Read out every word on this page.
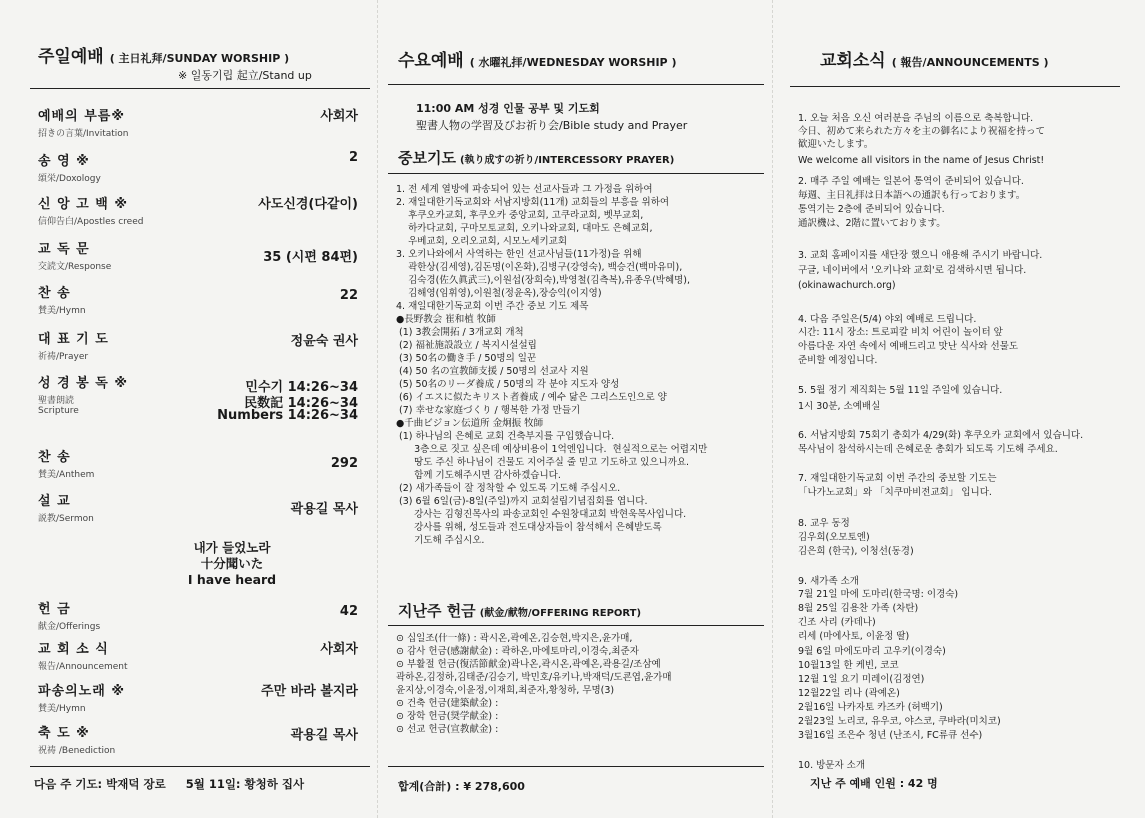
주일예배 ( 主日礼拜/SUNDAY WORSHIP )
※ 일동기립 起立/Stand up
예배의 부름※
招きの言葉/Invitation
사회자
송 영 ※
頌栄/Doxology
2
신 앙 고 백 ※
信仰告白/Apostles creed
사도신경(다같이)
교 독 문
交読文/Response
35 (시편 84편)
찬 송
賛美/Hymn
22
대 표 기 도
祈祷/Prayer
정윤숙 권사
성 경 봉 독 ※
聖書朗読
Scripture
민수기 14:26~34
民数記 14:26~34
Numbers 14:26~34
찬 송
賛美/Anthem
292
설 교
説教/Sermon
곽용길 목사
내가 들었노라
十分聞いた
I have heard
헌 금
献金/Offerings
42
교 회 소 식
報告/Announcement
사회자
파송의노래 ※
賛美/Hymn
주만 바라 볼지라
축 도 ※
祝祷 /Benediction
곽용길 목사
다음 주 기도: 박재덕 장로 5월 11일: 황청하 집사
수요예배 ( 水曜礼拝/WEDNESDAY WORSHIP )
11:00 AM 성경 인물 공부 및 기도회
聖書人物の学習及びお祈り会/Bible study and Prayer
중보기도 (執り成すの祈り/INTERCESSORY PRAYER)
1. 전 세계 열방에 파송되어 있는 선교사들과 그 가정을 위하여
2. 재일대한기독교회와 서남지방회(11개) 교회들의 부흥을 위하여
후쿠오카교회, 후쿠오카 중앙교회, 고쿠라교회, 벳부교회,
하카다교회, 구마모토교회, 오키나와교회, 대마도 은혜교회,
우베교회, 오리오교회, 시모노세키교회
3. 오키나와에서 사역하는 한인 선교사님들(11가정)을 위해
곽한상(김세영),김돈명(이온화),김병구(강영숙), 백승건(백마유미),
김숙경(佐久眞武三),이원섭(장희숙),박영철(김측복),유종우(박혜명),
김해영(임휘영),이원철(정윤옥),장승익(이지영)
4. 재일대한기독교회 이번 주간 중보 기도 제목
●長野教会 崔和植 牧師
(1) 3教会開拓 / 3개교회 개척
(2) 福祉施設設立 / 복지시설설립
(3) 50名の働き手 / 50명의 일꾼
(4) 50 名の宣教師支援 / 50명의 선교사 지원
(5) 50名のリーダ養成 / 50명의 각 분야 지도자 양성
(6) イエスに似たキリスト者養成 / 예수 닮은 그리스도인으로 양
(7) 幸せな家庭づくり / 행복한 가정 만들기
●千曲ビジョン伝道所 金炯振 牧師
(1) 하나님의 은혜로 교회 건축부지를 구입했습니다.
3층으로 짓고 싶은데 예상비용이 1억엔입니다.  현실적으로는 어렵지만
땅도 주신 하나님이 건물도 지어주실 줄 믿고 기도하고 있으니까요.
함께 기도해주시면 감사하겠습니다.
(2) 새가족들이 잘 정착할 수 있도록 기도해 주십시오.
(3) 6월 6일(금)-8일(주일)까지 교회설립기념집회를 엽니다.
강사는 김형진목사의 파송교회인 수원창대교회 박현욱목사입니다.
강사를 위해, 성도들과 전도대상자들이 참석해서 은혜받도록
기도해 주십시오.
지난주 헌금 (献金/献物/OFFERING REPORT)
⊙ 십일조(什一條) : 곽시온,곽예온,김승현,박지은,윤가매,
⊙ 감사 헌금(感謝献金) : 곽하온,마에토마리,이경숙,최준자
⊙ 부활절 헌금(復活節献金)곽나온,곽시온,곽예온,곽용길/조삼예
곽하온,김정하,김태준/김승기, 박민호/유키나,박재덕/도쿈엽,윤가매
윤지상,이경숙,이윤정,이재희,최준자,황청하, 무명(3)
⊙ 건축 헌금(建築献金) :
⊙ 장학 헌금(奨学献金) :
⊙ 선교 헌금(宣教献金) :
합계(合計) : ¥ 278,600
교회소식 ( 報告/ANNOUNCEMENTS )
1. 오늘 처음 오신 여러분을 주님의 이름으로 축복합니다.
今日、初めて来られた方々を主の御名により祝福を持って
歓迎いたします。
We welcome all visitors in the name of Jesus Christ!
2. 매주 주일 예배는 일본어 통역이 준비되어 있습니다.
毎週、主日礼拝は日本語への通訳も行っております。
통역기는 2층에 준비되어 있습니다.
通訳機は、2階に置いております。
3. 교회 홈페이지를 새단장 했으니 애용해 주시기 바랍니다.
구글, 네이버에서 '오키나와 교회'로 검색하시면 됩니다.
(okinawachurch.org)
4. 다음 주일은(5/4) 야외 예배로 드립니다.
시간: 11시 장소: 트로피칼 비치 어린이 놀이터 앞
아름다운 자연 속에서 예배드리고 맛난 식사와 선물도
준비할 예정입니다.
5. 5월 정기 제직회는 5월 11일 주일에 있습니다.
1시 30분, 소예배실
6. 서남지방회 75회기 총회가 4/29(화) 후쿠오카 교회에서 있습니다.
목사님이 참석하시는데 은혜로운 총회가 되도록 기도해 주세요.
7. 재일대한기독교회 이번 주간의 중보할 기도는
「나가노교회」와 「치쿠마비전교회」 입니다.
8. 교우 동정
김우희(오모토엔)
김은희 (한국), 이청선(동경)
9. 새가족 소개
7월 21일 마에 도마리(한국명: 이경숙)
8월 25일 김용찬 가족 (차탄)
긴조 사리 (카데나)
리세 (마에사토, 이윤정 딸)
9월 6일 마에도마리 고우키(이경숙)
10월13일 한 케빈, 코코
12월 1일 요기 미레이(김정연)
12월22일 리나 (곽예온)
2월16일 나카자토 카즈카 (허백기)
2월23일 노리코, 유우코, 야스코, 쿠바라(미치코)
3월16일 조은수 청년 (난조시, FC류큐 선수)
10. 방문자 소개
지난 주 예배 인원 : 42 명
